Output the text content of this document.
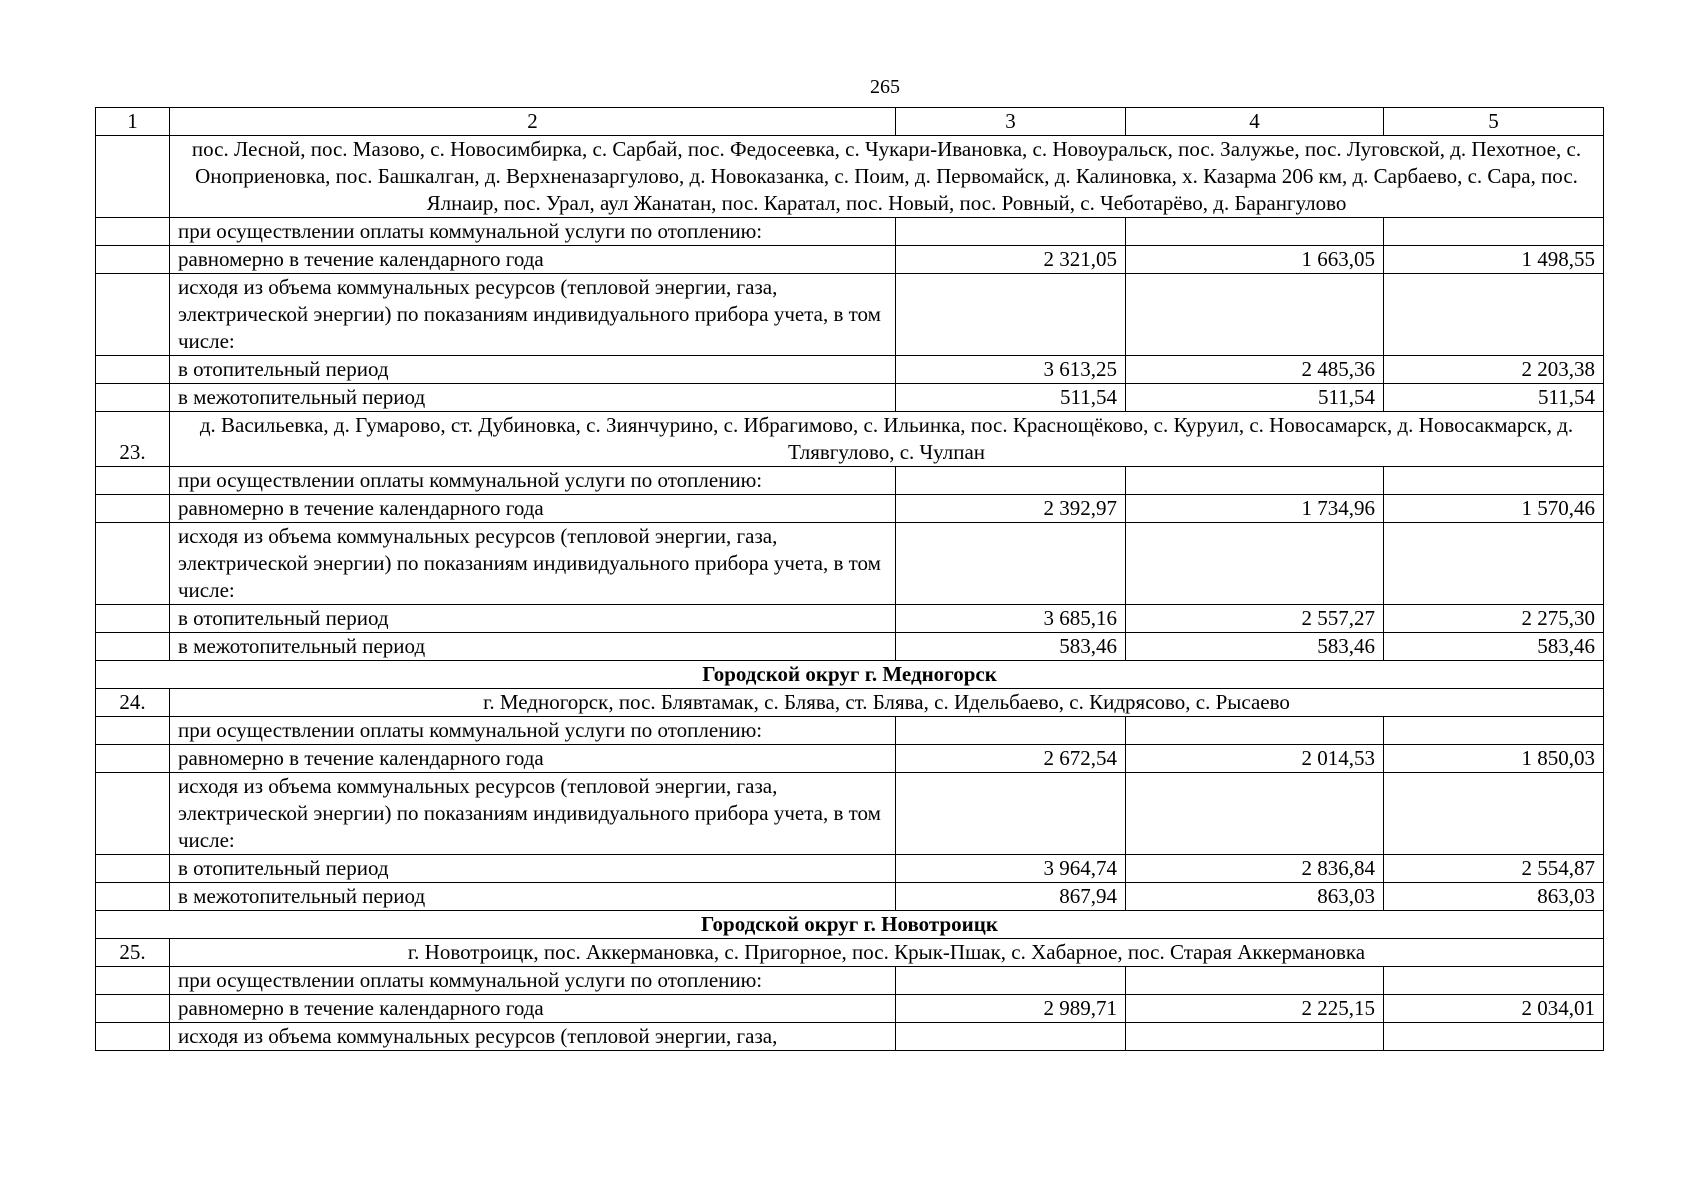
265
1	2	3	4	5
	пос. Лесной, пос. Мазово, с. Новосимбирка, с. Сарбай, пос. Федосеевка, с. Чукари-Ивановка, с. Новоуральск, пос. Залужье, пос. Луговской, д. Пехотное, с. Оноприеновка, пос. Башкалган, д. Верхненазаргулово, д. Новоказанка, с. Поим, д. Первомайск, д. Калиновка, х. Казарма 206 км, д. Сарбаево, с. Сара, пос. Ялнаир, пос. Урал, аул Жанатан, пос. Каратал, пос. Новый, пос. Ровный, с. Чеботарёво, д. Барангулово			
	при осуществлении оплаты коммунальной услуги по отоплению:			
	равномерно в течение календарного года	2 321,05	1 663,05	1 498,55
	исходя из объема коммунальных ресурсов (тепловой энергии, газа, электрической энергии) по показаниям индивидуального прибора учета, в том числе:			
	в отопительный период	3 613,25	2 485,36	2 203,38
	в межотопительный период	511,54	511,54	511,54
23.	д. Васильевка, д. Гумарово, ст. Дубиновка, с. Зиянчурино, с. Ибрагимово, с. Ильинка, пос. Краснощёково, с. Куруил, с. Новосамарск, д. Новосакмарск, д. Тлявгулово, с. Чулпан			
	при осуществлении оплаты коммунальной услуги по отоплению:			
	равномерно в течение календарного года	2 392,97	1 734,96	1 570,46
	исходя из объема коммунальных ресурсов (тепловой энергии, газа, электрической энергии) по показаниям индивидуального прибора учета, в том числе:			
	в отопительный период	3 685,16	2 557,27	2 275,30
	в межотопительный период	583,46	583,46	583,46
Городской округ г. Медногорск				
24.	г. Медногорск, пос. Блявтамак, с. Блява, ст. Блява, с. Идельбаево, с. Кидрясово, с. Рысаево			
	при осуществлении оплаты коммунальной услуги по отоплению:			
	равномерно в течение календарного года	2 672,54	2 014,53	1 850,03
	исходя из объема коммунальных ресурсов (тепловой энергии, газа, электрической энергии) по показаниям индивидуального прибора учета, в том числе:			
	в отопительный период	3 964,74	2 836,84	2 554,87
	в межотопительный период	867,94	863,03	863,03
Городской округ г. Новотроицк				
25.	г. Новотроицк, пос. Аккермановка, с. Пригорное, пос. Крык-Пшак, с. Хабарное, пос. Старая Аккермановка			
	при осуществлении оплаты коммунальной услуги по отоплению:			
	равномерно в течение календарного года	2 989,71	2 225,15	2 034,01
	исходя из объема коммунальных ресурсов (тепловой энергии, газа,			
